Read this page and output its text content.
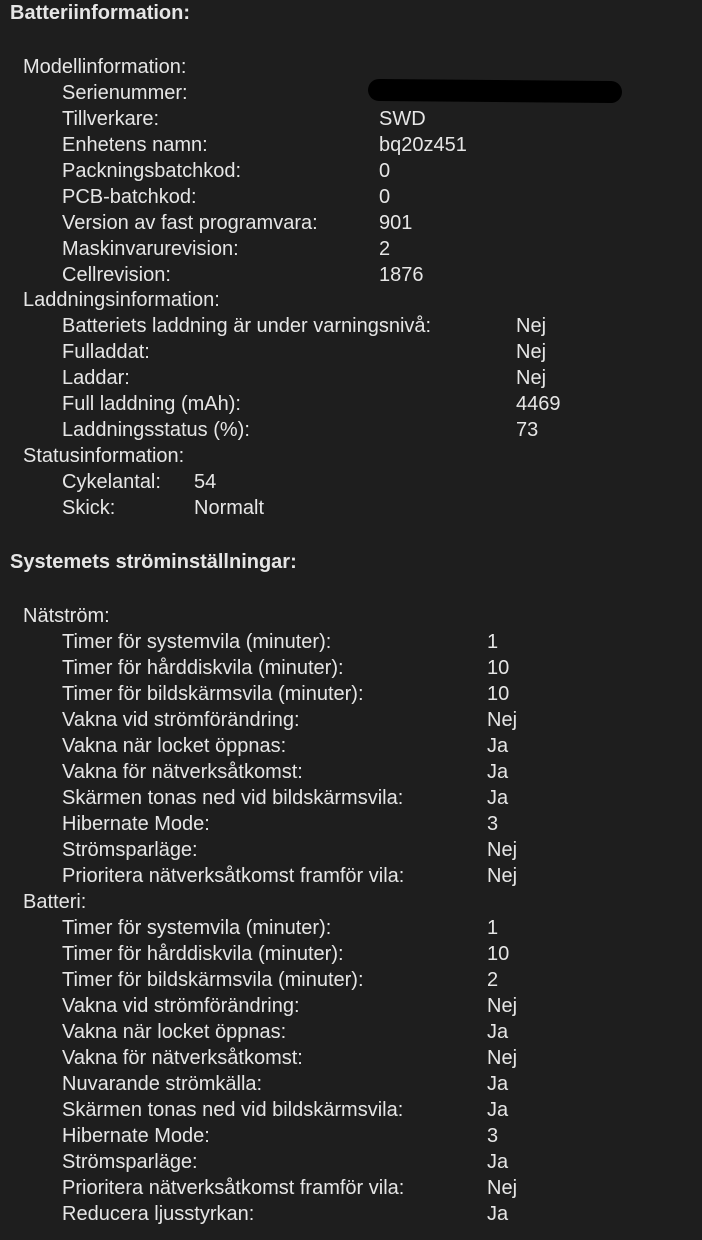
Batteriinformation:
Modellinformation:
Serienummer:
Tillverkare:	SWD
Enhetens namn:	bq20z451
Packningsbatchkod:	0
PCB-batchkod:	0
Version av fast programvara:	901
Maskinvarurevision:	2
Cellrevision:	1876
Laddningsinformation:
Batteriets laddning är under varningsnivå:	Nej
Fulladdat:	Nej
Laddar:	Nej
Full laddning (mAh):	4469
Laddningsstatus (%):	73
Statusinformation:
Cykelantal: 54
Skick:	Normalt
Systemets ströminställningar:
Nätström:
Timer för systemvila (minuter):	1
Timer för hårddiskvila (minuter):	10
Timer för bildskärmsvila (minuter):	10
Vakna vid strömförändring:	Nej
Vakna när locket öppnas:	Ja
Vakna för nätverksåtkomst:	Ja
Skärmen tonas ned vid bildskärmsvila:	Ja
Hibernate Mode:	3
Strömsparläge:	Nej
Prioritera nätverksåtkomst framför vila:	Nej
Batteri:
Timer för systemvila (minuter):	1
Timer för hårddiskvila (minuter):	10
Timer för bildskärmsvila (minuter):	2
Vakna vid strömförändring:	Nej
Vakna när locket öppnas:	Ja
Vakna för nätverksåtkomst:	Nej
Nuvarande strömkälla:	Ja
Skärmen tonas ned vid bildskärmsvila:	Ja
Hibernate Mode:	3
Strömsparläge:	Ja
Prioritera nätverksåtkomst framför vila:	Nej
Reducera ljusstyrkan:	Ja
